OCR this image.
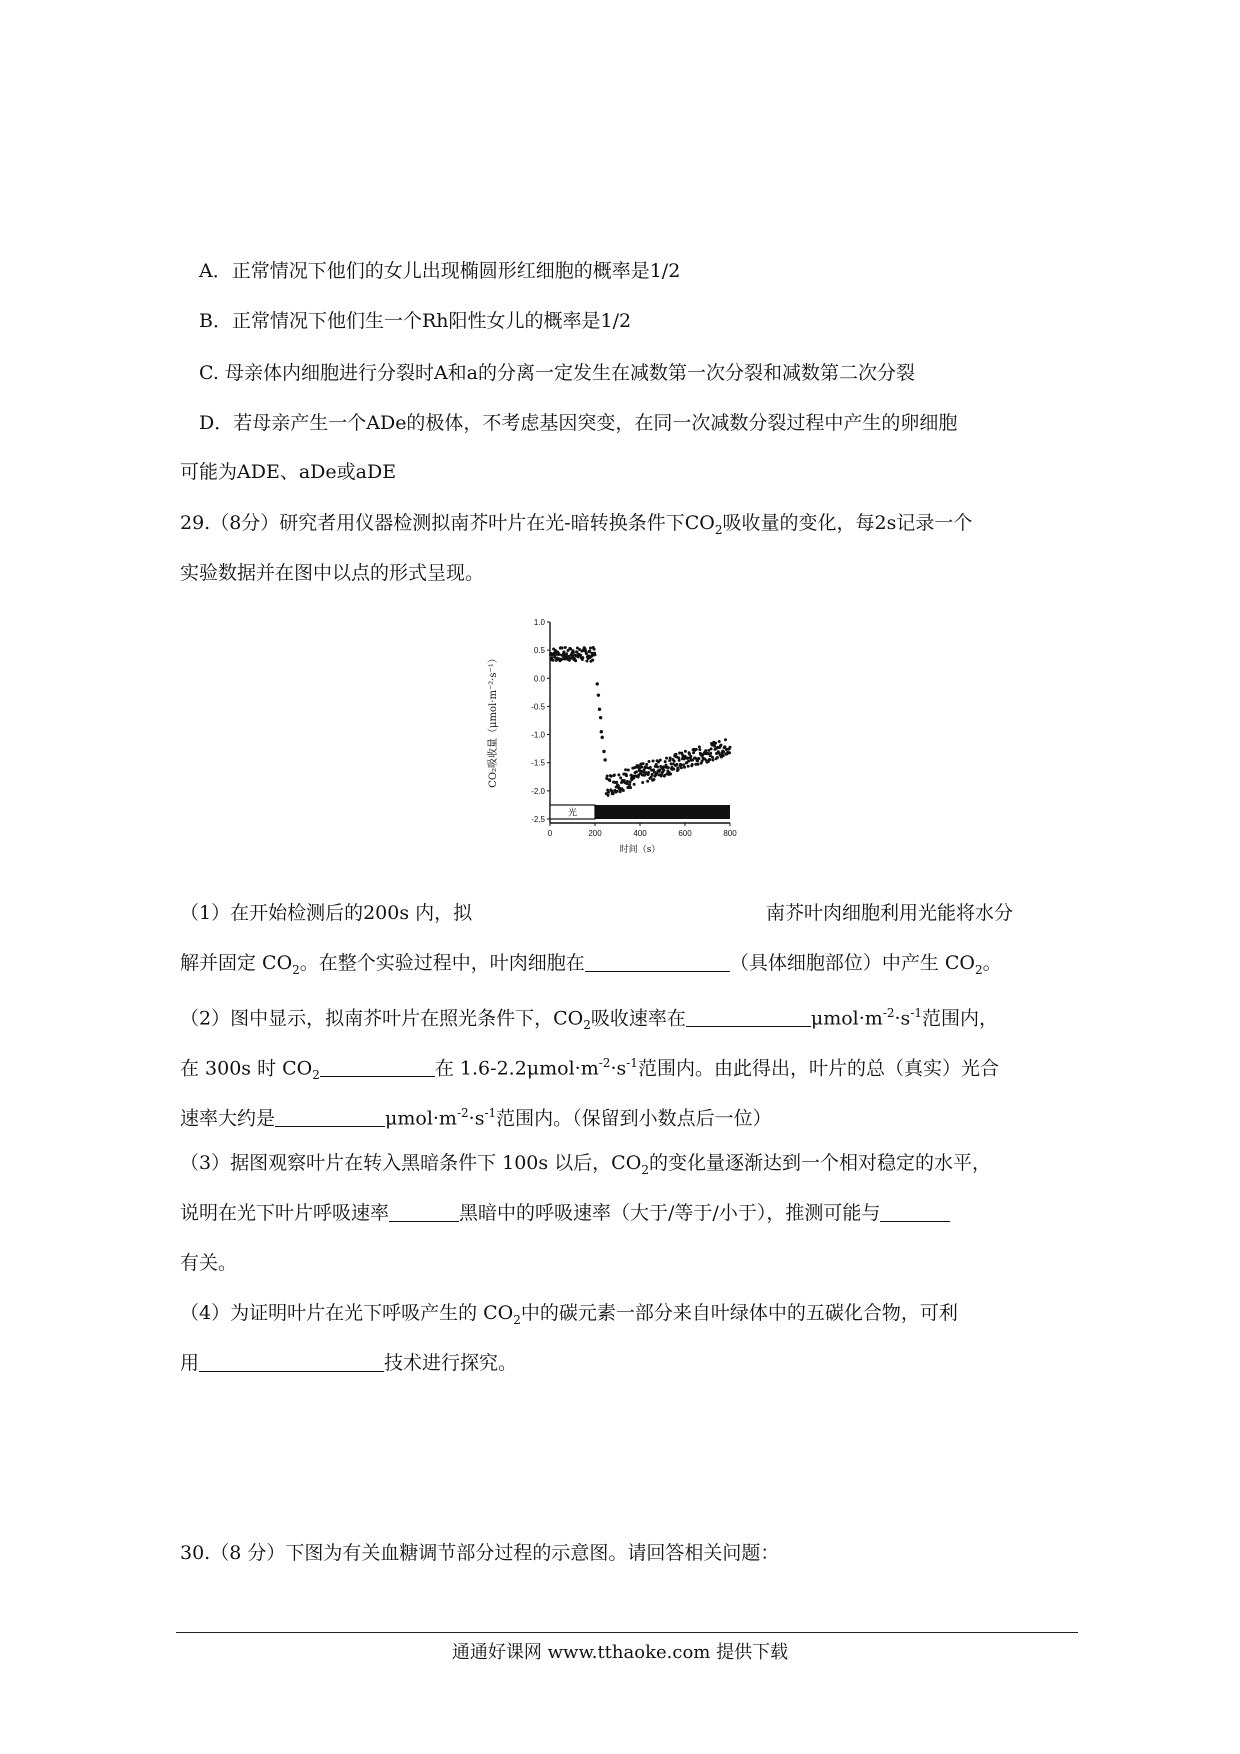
A．正常情况下他们的女儿出现椭圆形红细胞的概率是1/2
B．正常情况下他们生一个Rh阳性女儿的概率是1/2
C. 母亲体内细胞进行分裂时A和a的分离一定发生在减数第一次分裂和减数第二次分裂
D．若母亲产生一个ADe的极体，不考虑基因突变，在同一次减数分裂过程中产生的卵细胞
可能为ADE、aDe或aDE
29.（8分）研究者用仪器检测拟南芥叶片在光-暗转换条件下$CO_2$吸收量的变化，每2s记录一个
实验数据并在图中以点的形式呈现。
1.0
0.5
0.0
-0.5
-1.0
-1.5
-2.0
-2.5
0	200	400	600	800
光
CO₂吸收量（μmol·m⁻²·s⁻¹）
时间（s）
（1）在开始检测后的200s 内，拟	南芥叶肉细胞利用光能将水分
解并固定 $CO_2$。在整个实验过程中，叶肉细胞在	（具体细胞部位）中产生 $CO_2$。
（2）图中显示，拟南芥叶片在照光条件下，$CO_2$吸收速率在	$\mu mol\cdot m^{-2}\cdot s^{-1}$范围内，
在 300s 时 $CO_2$	在 $1.6-2.2\mu mol\cdot m^{-2}\cdot s^{-1}$范围内。由此得出，叶片的总（真实）光合
速率大约是	$\mu mol\cdot m^{-2}\cdot s^{-1}$范围内。（保留到小数点后一位）
（3）据图观察叶片在转入黑暗条件下 100s 以后，$CO_2$的变化量逐渐达到一个相对稳定的水平，
说明在光下叶片呼吸速率	黑暗中的呼吸速率（大于/等于/小于），推测可能与
有关。
（4）为证明叶片在光下呼吸产生的 $CO_2$中的碳元素一部分来自叶绿体中的五碳化合物，可利
用	技术进行探究。
30.（8 分）下图为有关血糖调节部分过程的示意图。请回答相关问题：
通通好课网 www.tthaoke.com 提供下载
